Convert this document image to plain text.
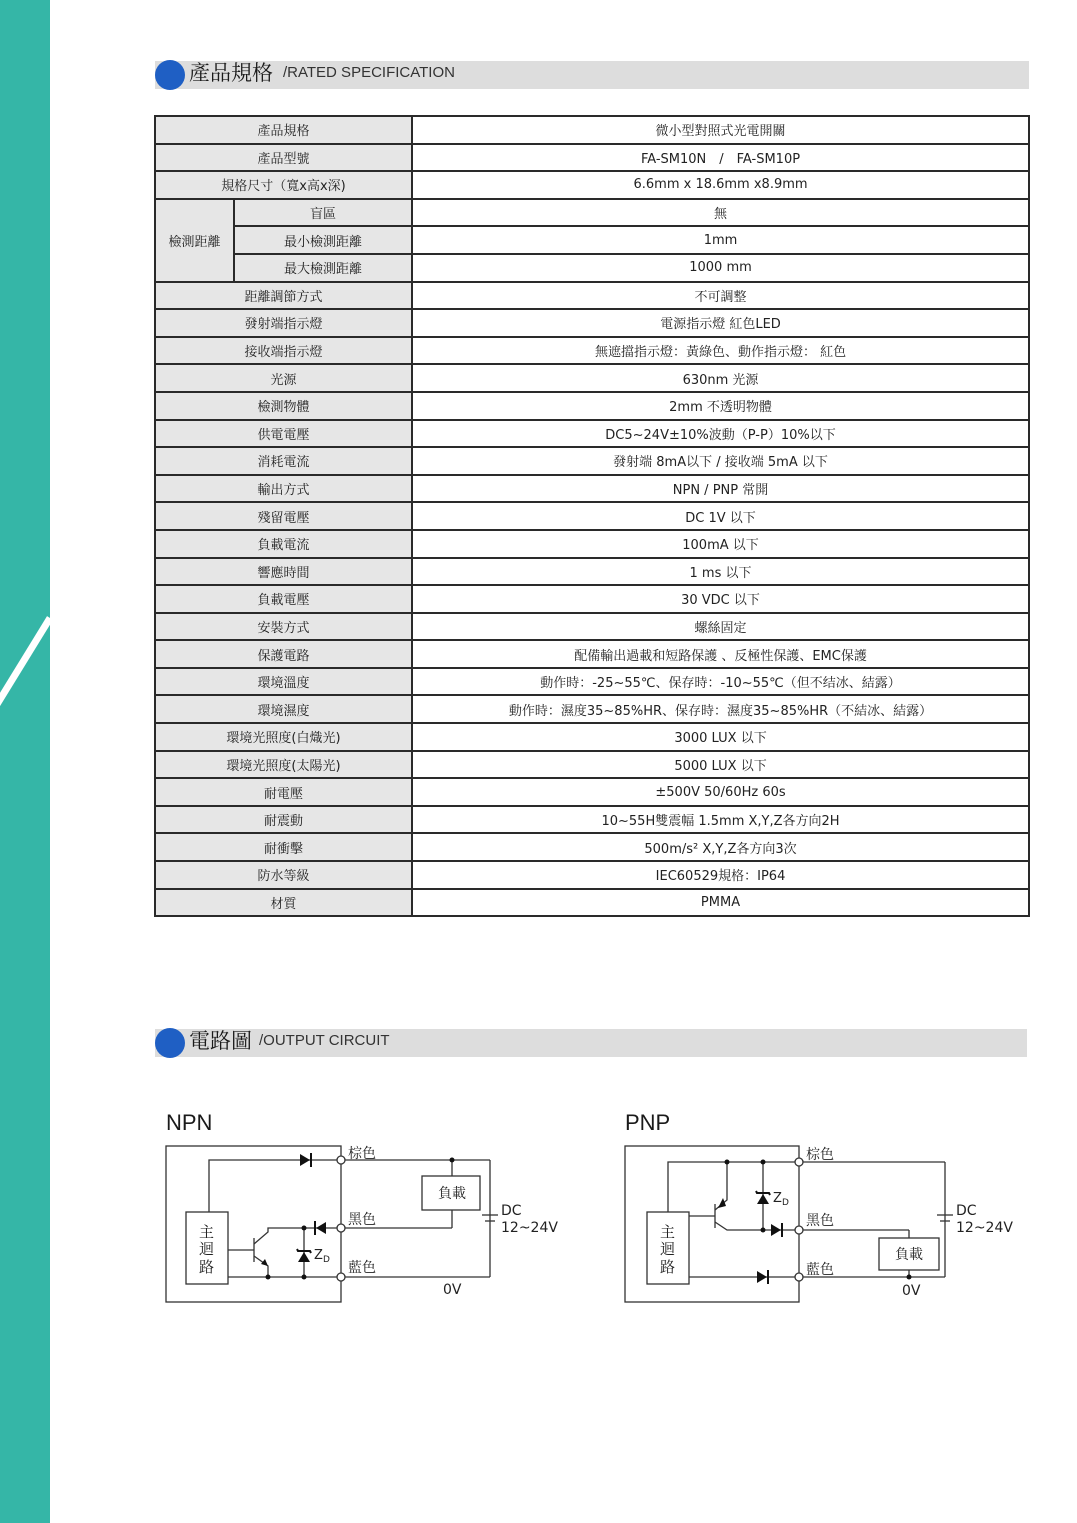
產品規格 /RATED SPECIFICATION
產品規格		微小型對照式光電開關
產品型號		FA-SM10N　/　FA-SM10P
規格尺寸（寬x高x深)		6.6mm x 18.6mm x8.9mm
檢測距離	盲區	無
	最小檢測距離	1mm
	最大檢測距離	1000 mm
距離調節方式		不可調整
發射端指示燈		電源指示燈 紅色LED
接收端指示燈		無遮擋指示燈：黃綠色、動作指示燈： 紅色
光源		630nm 光源
檢測物體		2mm 不透明物體
供電電壓		DC5~24V±10%波動（P-P）10%以下
消耗電流		發射端 8mA以下 / 接收端 5mA 以下
輸出方式		NPN / PNP 常開
殘留電壓		DC 1V 以下
負載電流		100mA 以下
響應時間		1 ms 以下
負載電壓		30 VDC 以下
安裝方式		螺絲固定
保護電路		配備輸出過載和短路保護 、反極性保護、EMC保護
環境溫度		動作時：-25~55℃、保存時：-10~55℃（但不结冰、結露）
環境濕度		動作時：濕度35~85%HR、保存時：濕度35~85%HR（不結冰、結露）
環境光照度(白熾光)		3000 LUX 以下
環境光照度(太陽光)		5000 LUX 以下
耐電壓		±500V 50/60Hz 60s
耐震動		10~55H雙震幅 1.5mm X,Y,Z各方向2H
耐衝擊		500m/s² X,Y,Z各方向3次
防水等級		IEC60529規格：IP64
材質		PMMA
電路圖 /OUTPUT CIRCUIT
NPN
主
迴
路
棕色
黑色
藍色
負載
Z D
DC
12~24V
0V
PNP
主
迴
路
棕色
黑色
藍色
負載
Z D	DC
12~24V
0V
